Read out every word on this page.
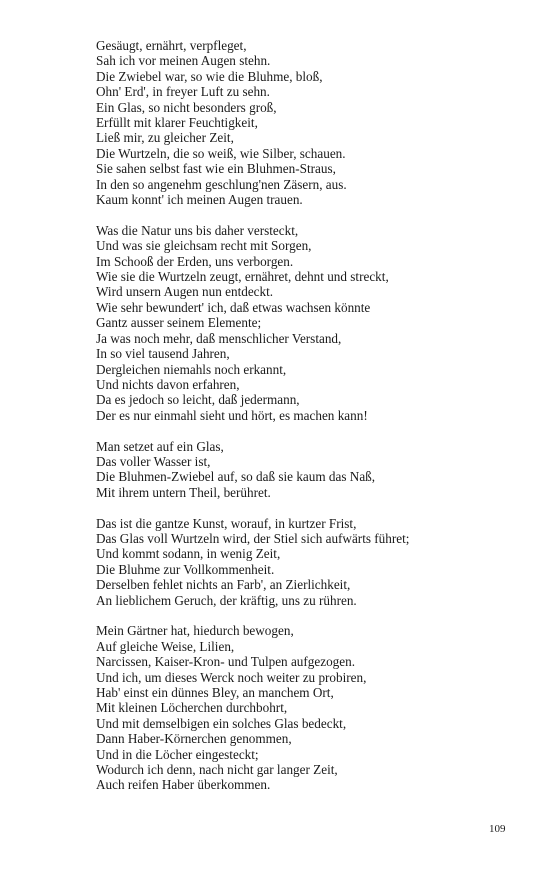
Gesäugt, ernährt, verpfleget,
Sah ich vor meinen Augen stehn.
Die Zwiebel war, so wie die Bluhme, bloß,
Ohn' Erd', in freyer Luft zu sehn.
Ein Glas, so nicht besonders groß,
Erfüllt mit klarer Feuchtigkeit,
Ließ mir, zu gleicher Zeit,
Die Wurtzeln, die so weiß, wie Silber, schauen.
Sie sahen selbst fast wie ein Bluhmen-Straus,
In den so angenehm geschlung'nen Zäsern, aus.
Kaum konnt' ich meinen Augen trauen.
Was die Natur uns bis daher versteckt,
Und was sie gleichsam recht mit Sorgen,
Im Schooß der Erden, uns verborgen.
Wie sie die Wurtzeln zeugt, ernähret, dehnt und streckt,
Wird unsern Augen nun entdeckt.
Wie sehr bewundert' ich, daß etwas wachsen könnte
Gantz ausser seinem Elemente;
Ja was noch mehr, daß menschlicher Verstand,
In so viel tausend Jahren,
Dergleichen niemahls noch erkannt,
Und nichts davon erfahren,
Da es jedoch so leicht, daß jedermann,
Der es nur einmahl sieht und hört, es machen kann!
Man setzet auf ein Glas,
Das voller Wasser ist,
Die Bluhmen-Zwiebel auf, so daß sie kaum das Naß,
Mit ihrem untern Theil, berühret.
Das ist die gantze Kunst, worauf, in kurtzer Frist,
Das Glas voll Wurtzeln wird, der Stiel sich aufwärts führet;
Und kommt sodann, in wenig Zeit,
Die Bluhme zur Vollkommenheit.
Derselben fehlet nichts an Farb', an Zierlichkeit,
An lieblichem Geruch, der kräftig, uns zu rühren.
Mein Gärtner hat, hiedurch bewogen,
Auf gleiche Weise, Lilien,
Narcissen, Kaiser-Kron- und Tulpen aufgezogen.
Und ich, um dieses Werck noch weiter zu probiren,
Hab' einst ein dünnes Bley, an manchem Ort,
Mit kleinen Löcherchen durchbohrt,
Und mit demselbigen ein solches Glas bedeckt,
Dann Haber-Körnerchen genommen,
Und in die Löcher eingesteckt;
Wodurch ich denn, nach nicht gar langer Zeit,
Auch reifen Haber überkommen.
109
